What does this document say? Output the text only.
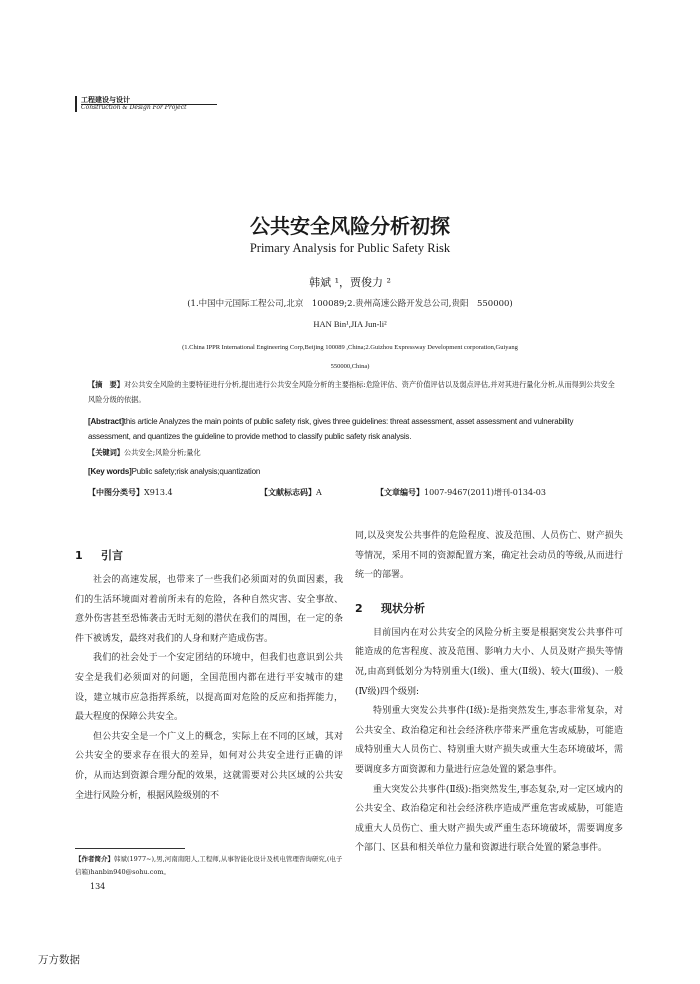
工程建设与设计
Construction & Design For Project
公共安全风险分析初探
Primary Analysis for Public Safety Risk
韩斌 ¹，贾俊力 ²
(1.中国中元国际工程公司,北京　100089;2.贵州高速公路开发总公司,贵阳　550000)
HAN Bin¹,JIA Jun-li²
(1.China IPPR International Engineering Corp,Beijing 100089 ,China;2.Guizhou Expressway Development corporation,Guiyang
550000,China)
【摘　要】对公共安全风险的主要特征进行分析,提出进行公共安全风险分析的主要指标:危险评估、资产价值评估以及弱点评估,并对其进行量化分析,从而得到公共安全风险分级的依据。
[Abstract]this article Analyzes the main points of public safety risk, gives three guidelines: threat assessment, asset assessment and vulnerability assessment, and quantizes the guideline to provide method to classify public safety risk analysis.
【关键词】公共安全;风险分析;量化
[Key words]Public safety;risk analysis;quantization
【中图分类号】X913.4	【文献标志码】A	【文章编号】1007-9467(2011)增刊-0134-03
1 引言

社会的高速发展，也带来了一些我们必须面对的负面因素，我们的生活环境面对着前所未有的危险，各种自然灾害、安全事故、意外伤害甚至恐怖袭击无时无刻的潜伏在我们的周围，在一定的条件下被诱发，最终对我们的人身和财产造成伤害。

我们的社会处于一个安定团结的环境中，但我们也意识到公共安全是我们必须面对的问题，全国范围内都在进行平安城市的建设，建立城市应急指挥系统，以提高面对危险的反应和指挥能力，最大程度的保障公共安全。

但公共安全是一个广义上的概念，实际上在不同的区域，其对公共安全的要求存在很大的差异，如何对公共安全进行正确的评价，从而达到资源合理分配的效果，这就需要对公共区域的公共安全进行风险分析，根据风险级别的不

同,以及突发公共事件的危险程度、波及范围、人员伤亡、财产损失等情况，采用不同的资源配置方案，确定社会动员的等级,从而进行统一的部署。

2 现状分析

目前国内在对公共安全的风险分析主要是根据突发公共事件可能造成的危害程度、波及范围、影响力大小、人员及财产损失等情况,由高到低划分为特别重大(Ⅰ级)、重大(Ⅱ级)、较大(Ⅲ级)、一般(Ⅳ级)四个级别:

特别重大突发公共事件(Ⅰ级):是指突然发生,事态非常复杂，对公共安全、政治稳定和社会经济秩序带来严重危害或威胁，可能造成特别重大人员伤亡、特别重大财产损失或重大生态环境破坏，需要调度多方面资源和力量进行应急处置的紧急事件。

重大突发公共事件(Ⅱ级):指突然发生,事态复杂,对一定区域内的公共安全、政治稳定和社会经济秩序造成严重危害或威胁，可能造成重大人员伤亡、重大财产损失或严重生态环境破坏，需要调度多个部门、区县和相关单位力量和资源进行联合处置的紧急事件。

【作者简介】韩斌(1977~),男,河南南阳人,工程师,从事智能化设计及机电管理咨询研究,(电子信箱)hanbin940@sohu.com。
134
万方数据
